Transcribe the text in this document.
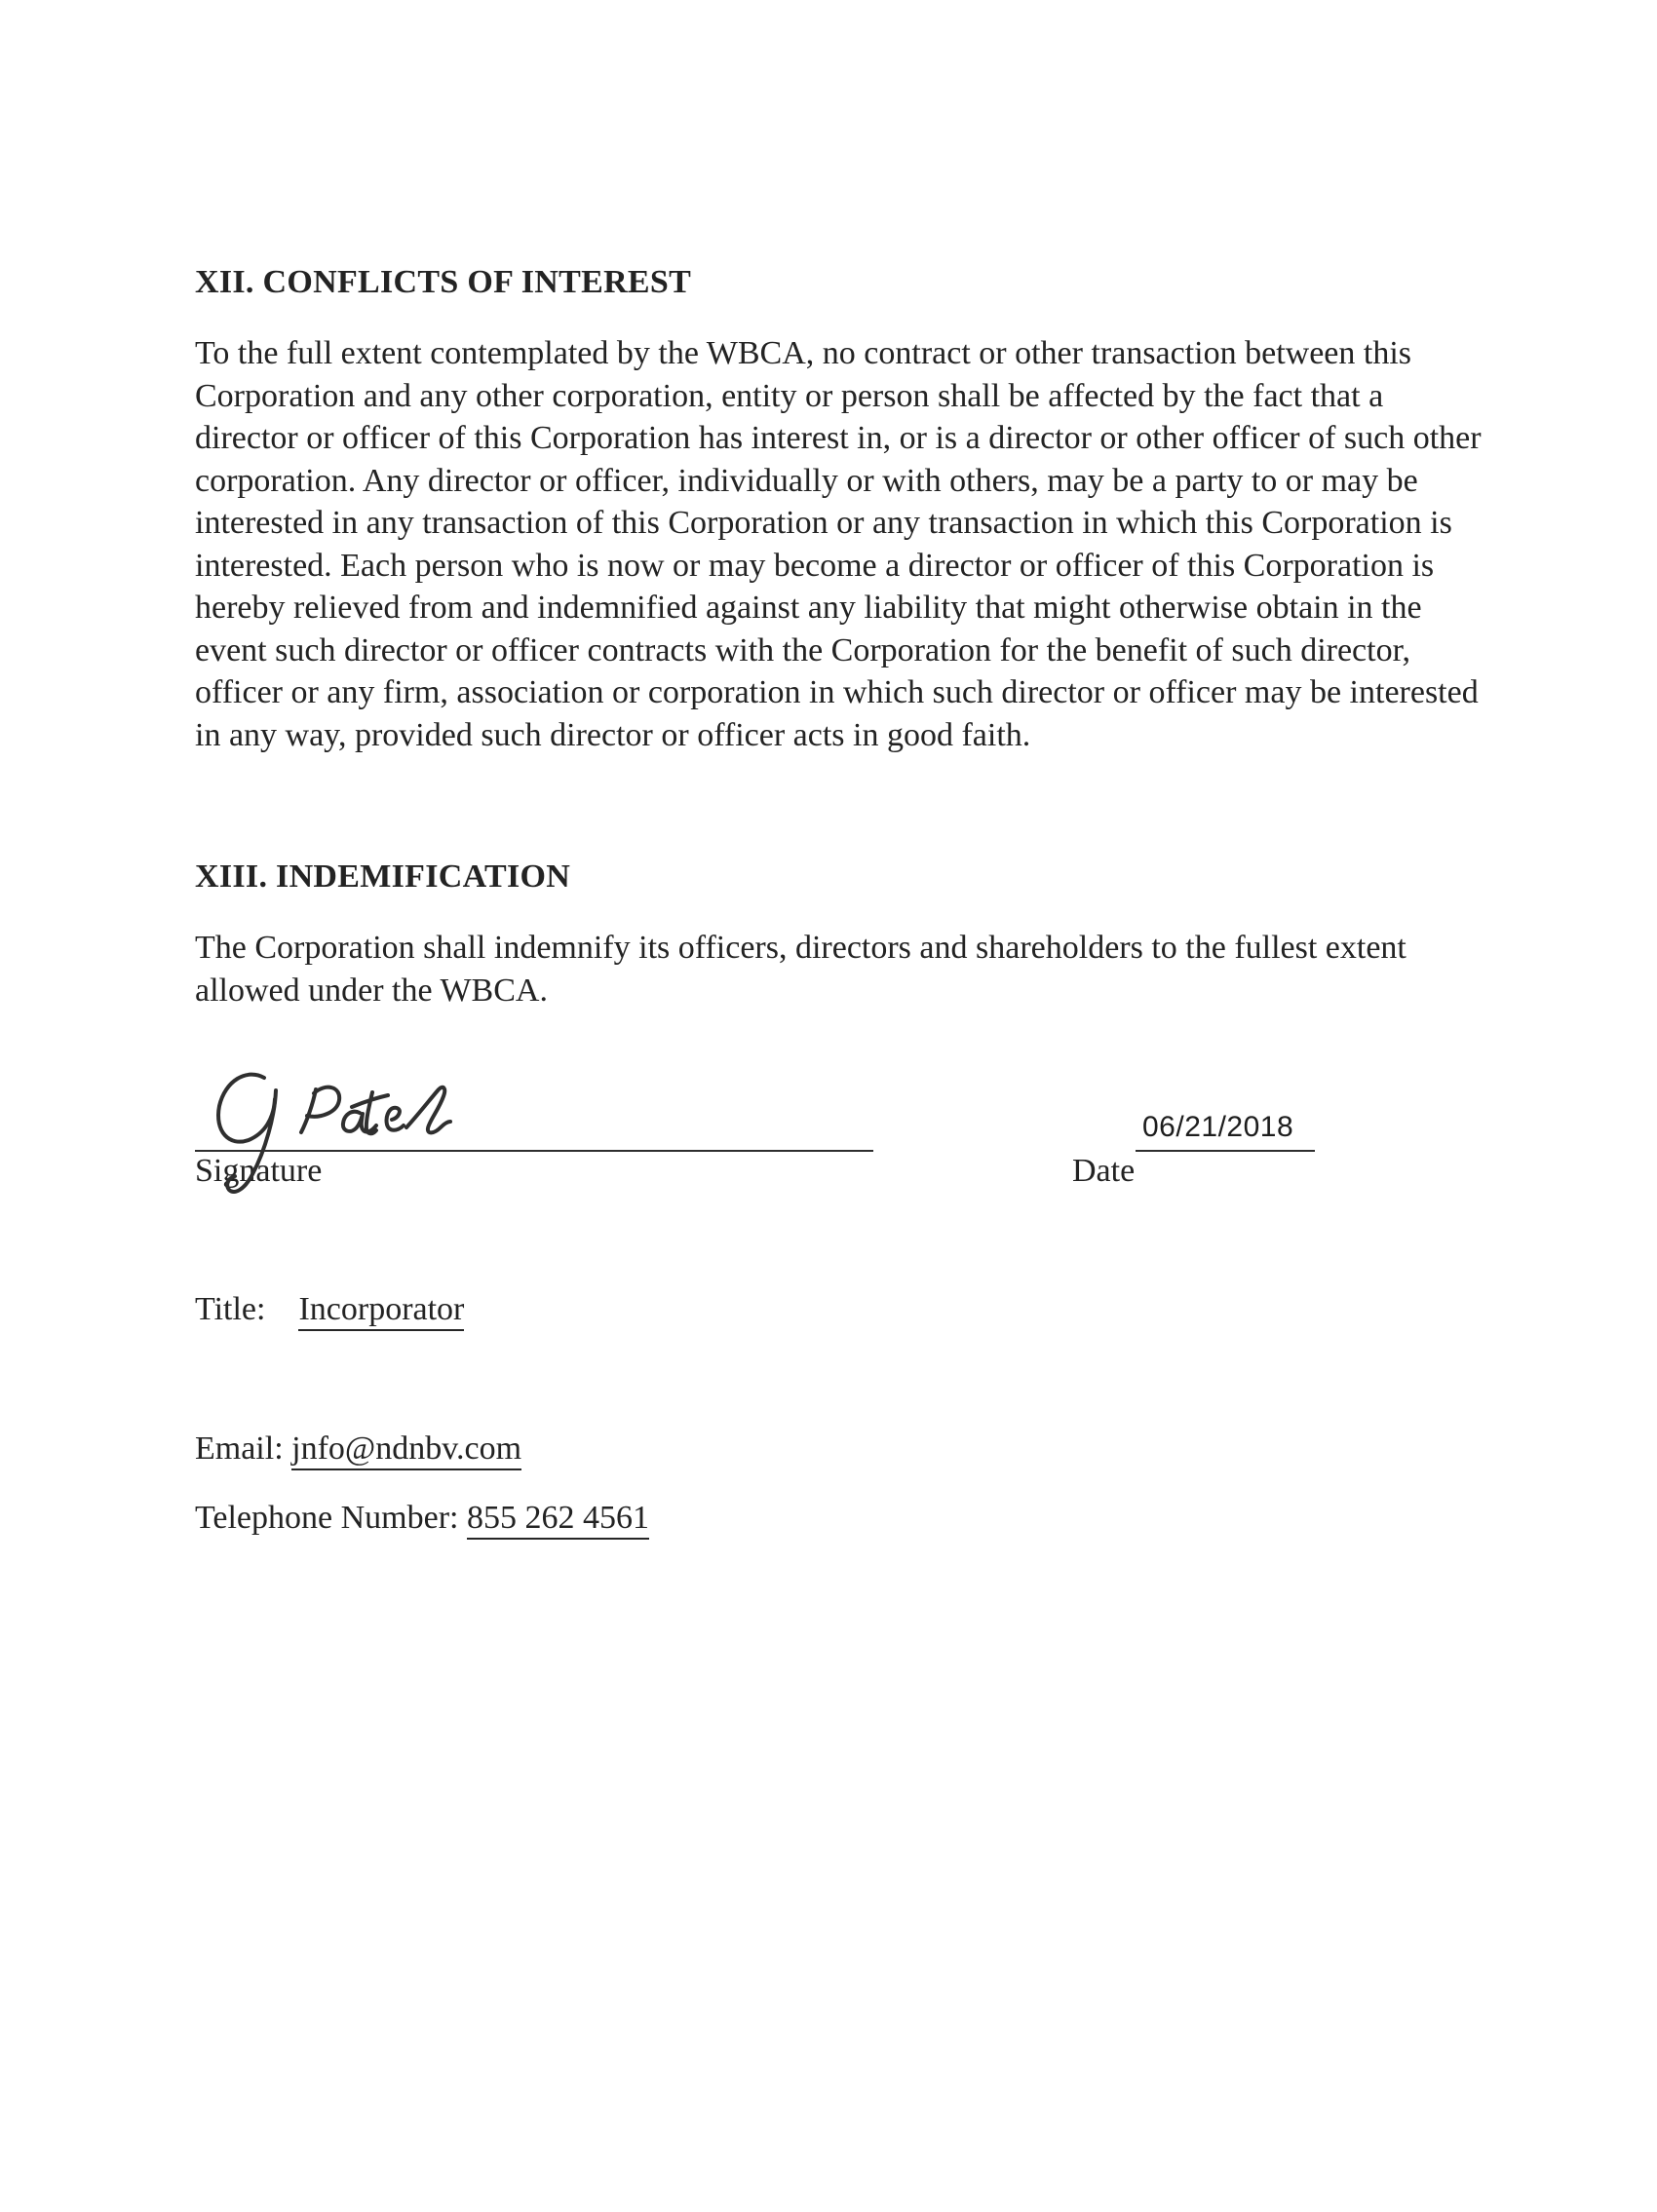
XII. CONFLICTS OF INTEREST
To the full extent contemplated by the WBCA, no contract or other transaction between this
Corporation and any other corporation, entity or person shall be affected by the fact that a
director or officer of this Corporation has interest in, or is a director or other officer of such other
corporation. Any director or officer, individually or with others, may be a party to or may be
interested in any transaction of this Corporation or any transaction in which this Corporation is
interested. Each person who is now or may become a director or officer of this Corporation is
hereby relieved from and indemnified against any liability that might otherwise obtain in the
event such director or officer contracts with the Corporation for the benefit of such director,
officer or any firm, association or corporation in which such director or officer may be interested
in any way, provided such director or officer acts in good faith.
XIII. INDEMIFICATION
The Corporation shall indemnify its officers, directors and shareholders to the fullest extent
allowed under the WBCA.
Signature
06/21/2018
Date
Title: Incorporator
Email: jnfo@ndnbv.com
Telephone Number: 855 262 4561
